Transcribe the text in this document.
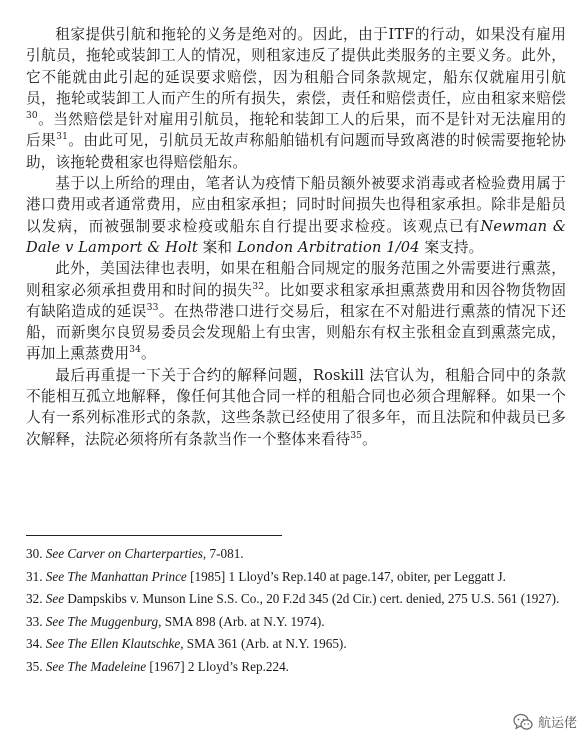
租家提供引航和拖轮的义务是绝对的。因此，由于ITF的行动，如果没有雇用引航员，拖轮或装卸工人的情况，则租家违反了提供此类服务的主要义务。此外，它不能就由此引起的延误要求赔偿，因为租船合同条款规定，船东仅就雇用引航员，拖轮或装卸工人而产生的所有损失，索偿，责任和赔偿责任，应由租家来赔偿$^{30}$。当然赔偿是针对雇用引航员，拖轮和装卸工人的后果，而不是针对无法雇用的后果$^{31}$。由此可见，引航员无故声称船舶锚机有问题而导致离港的时候需要拖轮协助，该拖轮费租家也得赔偿船东。

基于以上所给的理由，笔者认为疫情下船员额外被要求消毒或者检验费用属于港口费用或者通常费用，应由租家承担；同时时间损失也得租家承担。除非是船员以发病，而被强制要求检疫或船东自行提出要求检疫。该观点已有Newman & Dale v Lamport & Holt 案和 London Arbitration 1/04 案支持。

此外，美国法律也表明，如果在租船合同规定的服务范围之外需要进行熏蒸，则租家必须承担费用和时间的损失$^{32}$。比如要求租家承担熏蒸费用和因谷物货物固有缺陷造成的延误$^{33}$。在热带港口进行交易后，租家在不对船进行熏蒸的情况下还船，而新奥尔良贸易委员会发现船上有虫害，则船东有权主张租金直到熏蒸完成，再加上熏蒸费用$^{34}$。

最后再重提一下关于合约的解释问题，Roskill 法官认为，租船合同中的条款不能相互孤立地解释，像任何其他合同一样的租船合同也必须合理解释。如果一个人有一系列标准形式的条款，这些条款已经使用了很多年，而且法院和仲裁员已多次解释，法院必须将所有条款当作一个整体来看待$^{35}$。

30. See Carver on Charterparties, 7-081.

31. See The Manhattan Prince [1985] 1 Lloyd’s Rep.140 at page.147, obiter, per Leggatt J.

32. See Dampskibs v. Munson Line S.S. Co., 20 F.2d 345 (2d Cir.) cert. denied, 275 U.S. 561 (1927).

33. See The Muggenburg, SMA 898 (Arb. at N.Y. 1974).

34. See The Ellen Klautschke, SMA 361 (Arb. at N.Y. 1965).

35. See The Madeleine [1967] 2 Lloyd’s Rep.224.

航运佬
